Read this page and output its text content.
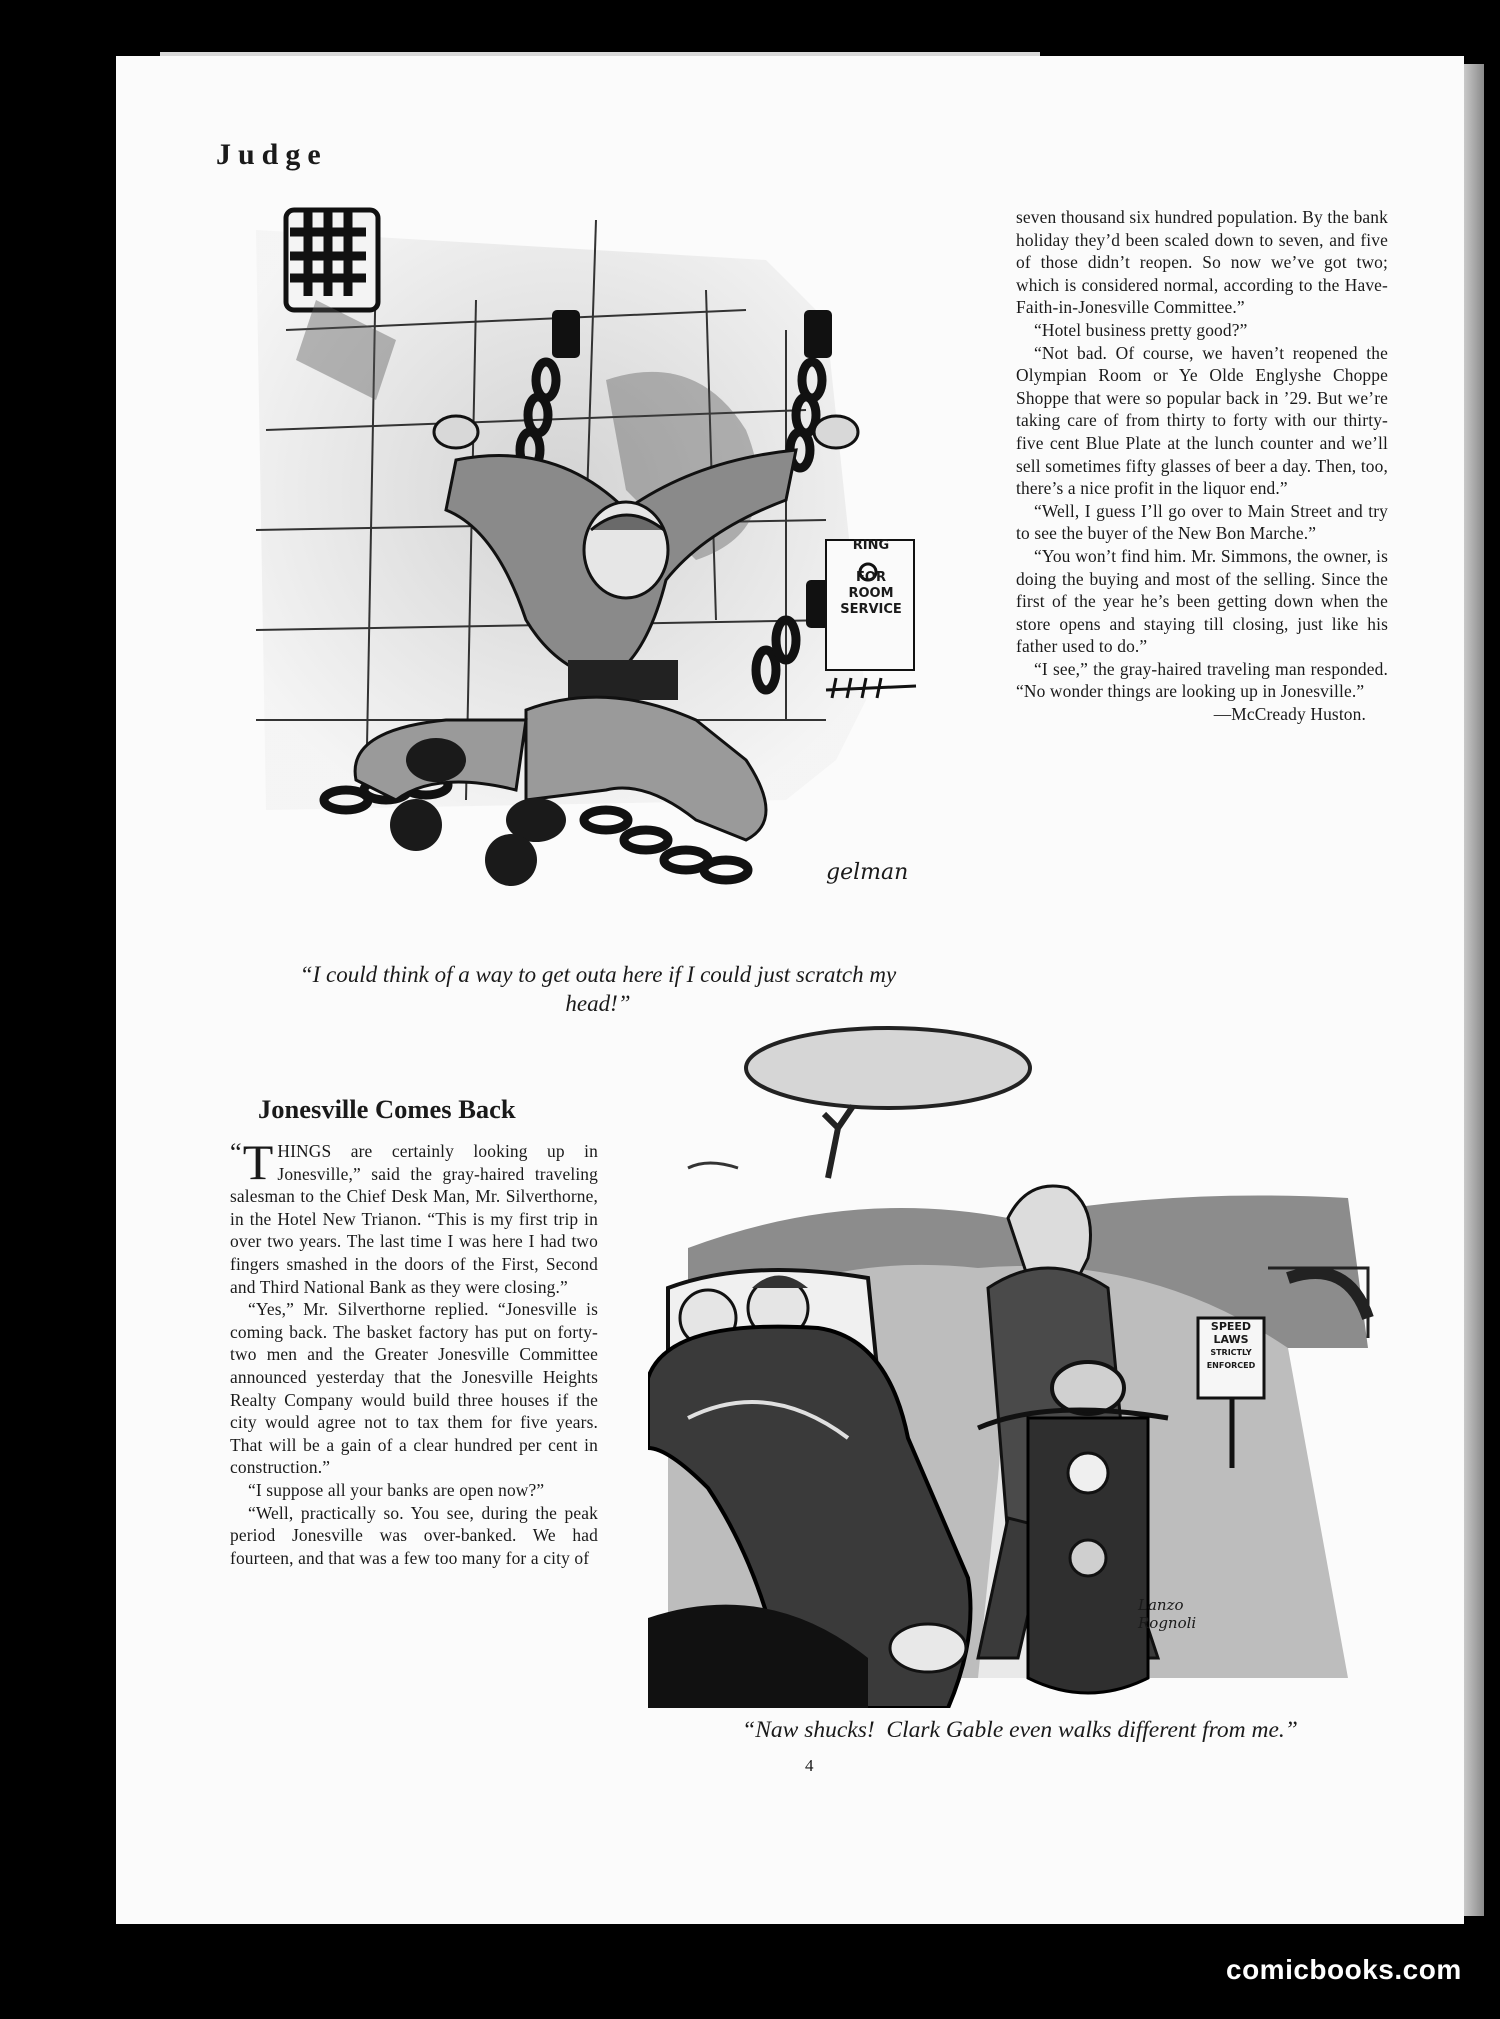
Judge
RING
FOR
ROOM
SERVICE
gelman
“I could think of a way to get outa here if I could just scratch my head!”

seven thousand six hundred population. By the bank holiday they’d been scaled down to seven, and five of those didn’t reopen. So now we’ve got two; which is considered normal, according to the Have-Faith-in-Jonesville Committee.”

“Hotel business pretty good?”

“Not bad. Of course, we haven’t reopened the Olympian Room or Ye Olde Englyshe Choppe Shoppe that were so popular back in ’29. But we’re taking care of from thirty to forty with our thirty-five cent Blue Plate at the lunch counter and we’ll sell sometimes fifty glasses of beer a day. Then, too, there’s a nice profit in the liquor end.”

“Well, I guess I’ll go over to Main Street and try to see the buyer of the New Bon Marche.”

“You won’t find him. Mr. Simmons, the owner, is doing the buying and most of the selling. Since the first of the year he’s been getting down when the store opens and staying till closing, just like his father used to do.”

“I see,” the gray-haired traveling man responded. “No wonder things are looking up in Jonesville.”

—McCready Huston.

Jonesville Comes Back

“ T HINGS are certainly looking up in Jonesville,” said the gray-haired traveling salesman to the Chief Desk Man, Mr. Silverthorne, in the Hotel New Trianon. “This is my first trip in over two years. The last time I was here I had two fingers smashed in the doors of the First, Second and Third National Bank as they were closing.”

“Yes,” Mr. Silverthorne replied. “Jonesville is coming back. The basket factory has put on forty-two men and the Greater Jonesville Committee announced yesterday that the Jonesville Heights Realty Company would build three houses if the city would agree not to tax them for five years. That will be a gain of a clear hundred per cent in construction.”

“I suppose all your banks are open now?”

“Well, practically so. You see, during the peak period Jonesville was over-banked. We had fourteen, and that was a few too many for a city of

SPEED
LAWS
STRICTLY
ENFORCED
Lanzo Rognoli
“Naw shucks!  Clark Gable even walks different from me.”
4
comicbooks.com
